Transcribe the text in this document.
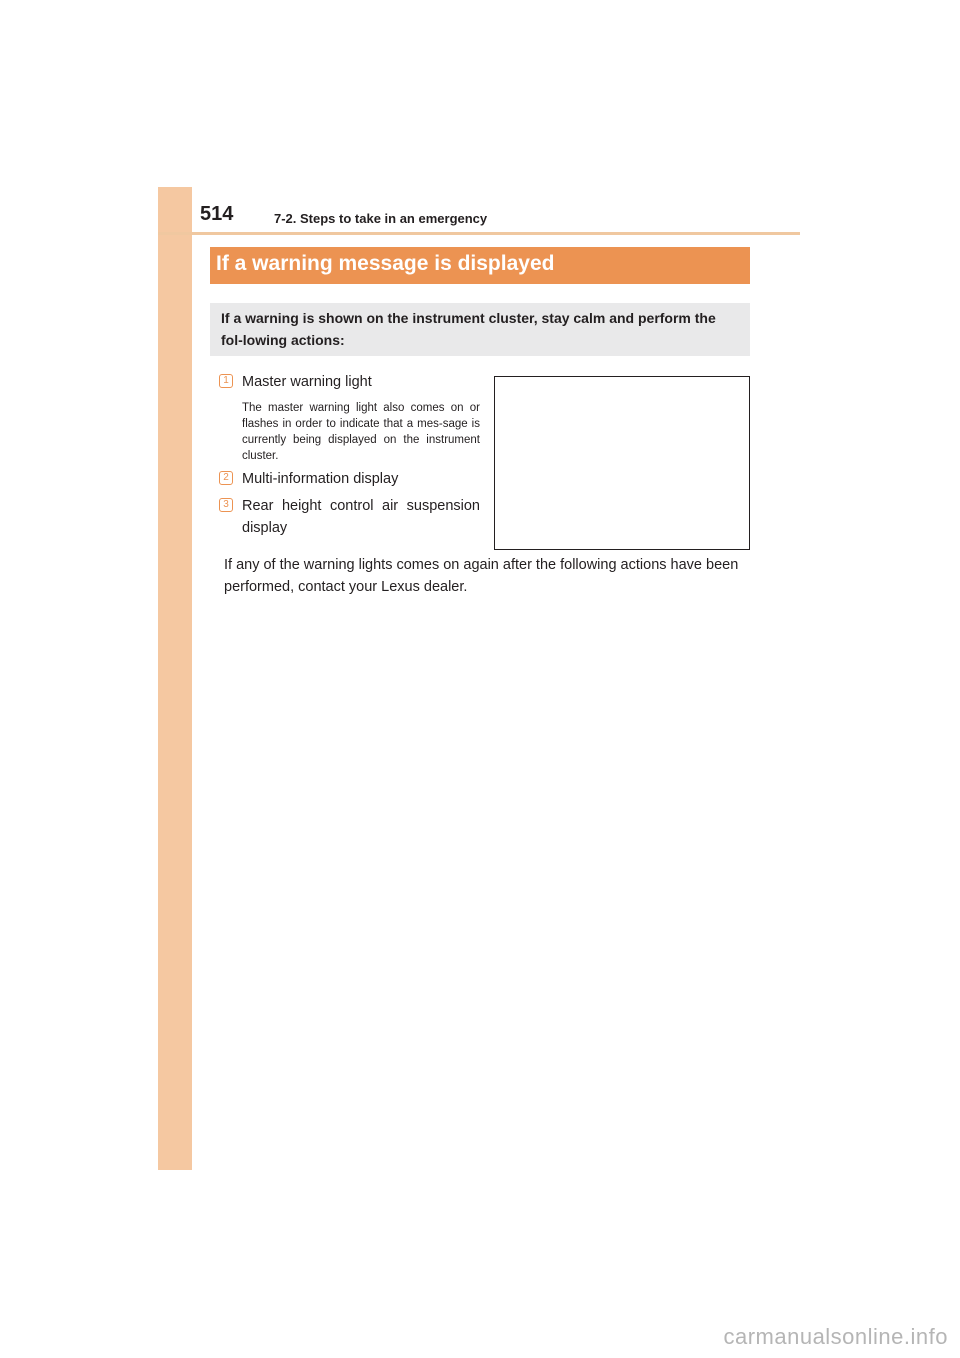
514	7-2. Steps to take in an emergency
If a warning message is displayed
If a warning is shown on the instrument cluster, stay calm and perform the fol-lowing actions:
1 Master warning light
The master warning light also comes on or flashes in order to indicate that a mes-sage is currently being displayed on the instrument cluster.
2 Multi-information display
3 Rear height control air suspension display
If any of the warning lights comes on again after the following actions have been performed, contact your Lexus dealer.
carmanualsonline.info
